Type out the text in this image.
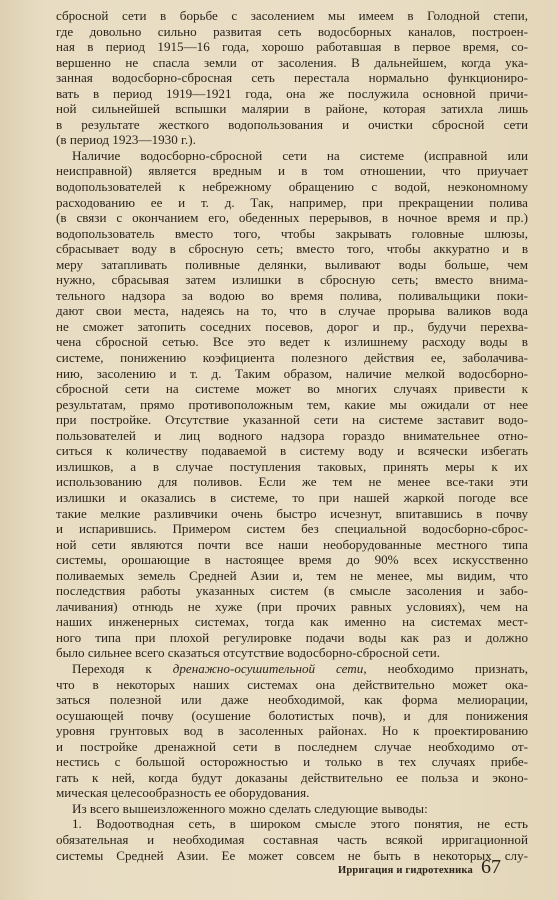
сбросной сети в борьбе с засолением мы имеем в Голодной степи,
где довольно сильно развитая сеть водосборных каналов, построен-
ная в период 1915—16 года, хорошо работавшая в первое время, со-
вершенно не спасла земли от засоления. В дальнейшем, когда ука-
занная водосборно-сбросная сеть перестала нормально функциониро-
вать в период 1919—1921 года, она же послужила основной причи-
ной сильнейшей вспышки малярии в районе, которая затихла лишь
в результате жесткого водопользования и очистки сбросной сети
(в период 1923—1930 г.).

Наличие водосборно-сбросной сети на системе (исправной или
неисправной) является вредным и в том отношении, что приучает
водопользователей к небрежному обращению с водой, неэкономному
расходованию ее и т. д. Так, например, при прекращении полива
(в связи с окончанием его, обеденных перерывов, в ночное время и пр.)
водопользователь вместо того, чтобы закрывать головные шлюзы,
сбрасывает воду в сбросную сеть; вместо того, чтобы аккуратно и в
меру затапливать поливные делянки, выливают воды больше, чем
нужно, сбрасывая затем излишки в сбросную сеть; вместо внима-
тельного надзора за водою во время полива, поливальщики поки-
дают свои места, надеясь на то, что в случае прорыва валиков вода
не сможет затопить соседних посевов, дорог и пр., будучи перехва-
чена сбросной сетью. Все это ведет к излишнему расходу воды в
системе, понижению коэфициента полезного действия ее, заболачива-
нию, засолению и т. д. Таким образом, наличие мелкой водосборно-
сбросной сети на системе может во многих случаях привести к
результатам, прямо противоположным тем, какие мы ожидали от нее
при постройке. Отсутствие указанной сети на системе заставит водо-
пользователей и лиц водного надзора гораздо внимательнее отно-
ситься к количеству подаваемой в систему воду и всячески избегать
излишков, а в случае поступления таковых, принять меры к их
использованию для поливов. Если же тем не менее все-таки эти
излишки и оказались в системе, то при нашей жаркой погоде все
такие мелкие разливчики очень быстро исчезнут, впитавшись в почву
и испарившись. Примером систем без специальной водосборно-сброс-
ной сети являются почти все наши необорудованные местного типа
системы, орошающие в настоящее время до 90% всех искусственно
поливаемых земель Средней Азии и, тем не менее, мы видим, что
последствия работы указанных систем (в смысле засоления и забо-
лачивания) отнюдь не хуже (при прочих равных условиях), чем на
наших инженерных системах, тогда как именно на системах мест-
ного типа при плохой регулировке подачи воды как раз и должно
было сильнее всего сказаться отсутствие водосборно-сбросной сети.

Переходя к дренажно-осушительной сети, необходимо признать,
что в некоторых наших системах она действительно может ока-
заться полезной или даже необходимой, как форма мелиорации,
осушающей почву (осушение болотистых почв), и для понижения
уровня грунтовых вод в засоленных районах. Но к проектированию
и постройке дренажной сети в последнем случае необходимо от-
нестись с большой осторожностью и только в тех случаях прибе-
гать к ней, когда будут доказаны действительно ее польза и эконо-
мическая целесообразность ее оборудования.

Из всего вышеизложенного можно сделать следующие выводы:

1. Водоотводная сеть, в широком смысле этого понятия, не есть
обязательная и необходимая составная часть всякой ирригационной
системы Средней Азии. Ее может совсем не быть в некоторых слу-

Ирригация и гидротехника 67
